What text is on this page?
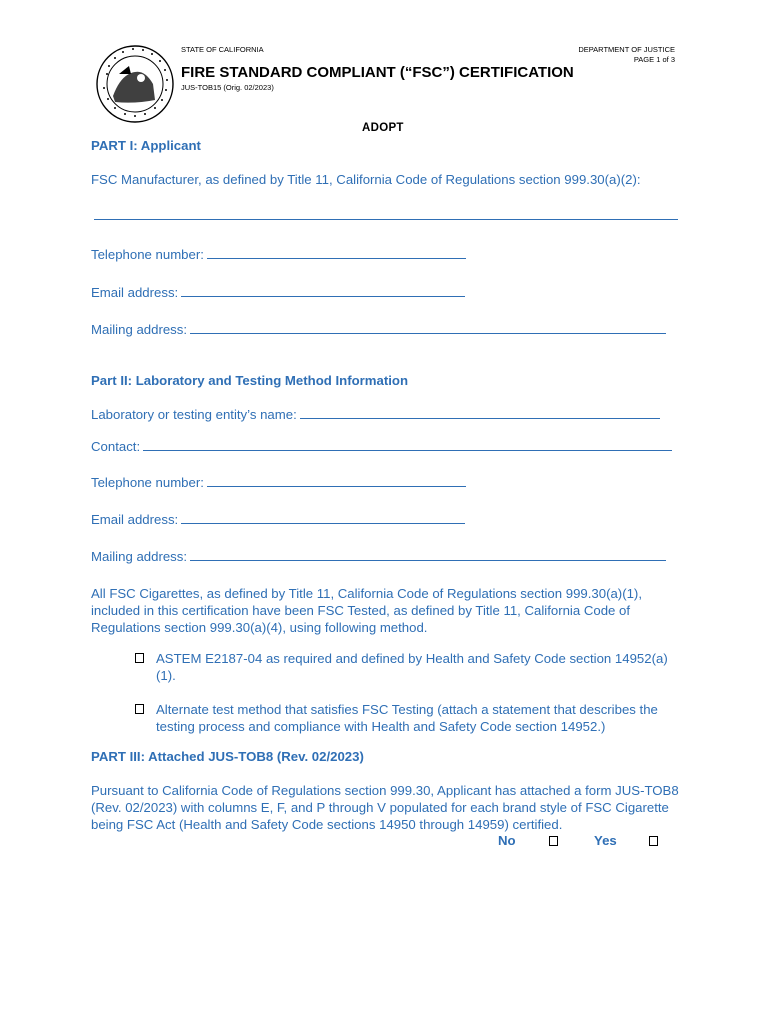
STATE OF CALIFORNIA	DEPARTMENT OF JUSTICE
PAGE 1 of 3
FIRE STANDARD COMPLIANT (“FSC”) CERTIFICATION
JUS-TOB15 (Orig. 02/2023)
ADOPT
PART I: Applicant
FSC Manufacturer, as defined by Title 11, California Code of Regulations section 999.30(a)(2):
Telephone number:
Email address:
Mailing address:
Part II: Laboratory and Testing Method Information
Laboratory or testing entity’s name:
Contact:
Telephone number:
Email address:
Mailing address:
All FSC Cigarettes, as defined by Title 11, California Code of Regulations section 999.30(a)(1), included in this certification have been FSC Tested, as defined by Title 11, California Code of Regulations section 999.30(a)(4), using following method.
ASTEM E2187-04 as required and defined by Health and Safety Code section 14952(a)(1).
Alternate test method that satisfies FSC Testing (attach a statement that describes the testing process and compliance with Health and Safety Code section 14952.)
PART III: Attached JUS-TOB8 (Rev. 02/2023)
Pursuant to California Code of Regulations section 999.30, Applicant has attached a form JUS-TOB8 (Rev. 02/2023) with columns E, F, and P through V populated for each brand style of FSC Cigarette being FSC Act (Health and Safety Code sections 14950 through 14959) certified.
No	Yes
